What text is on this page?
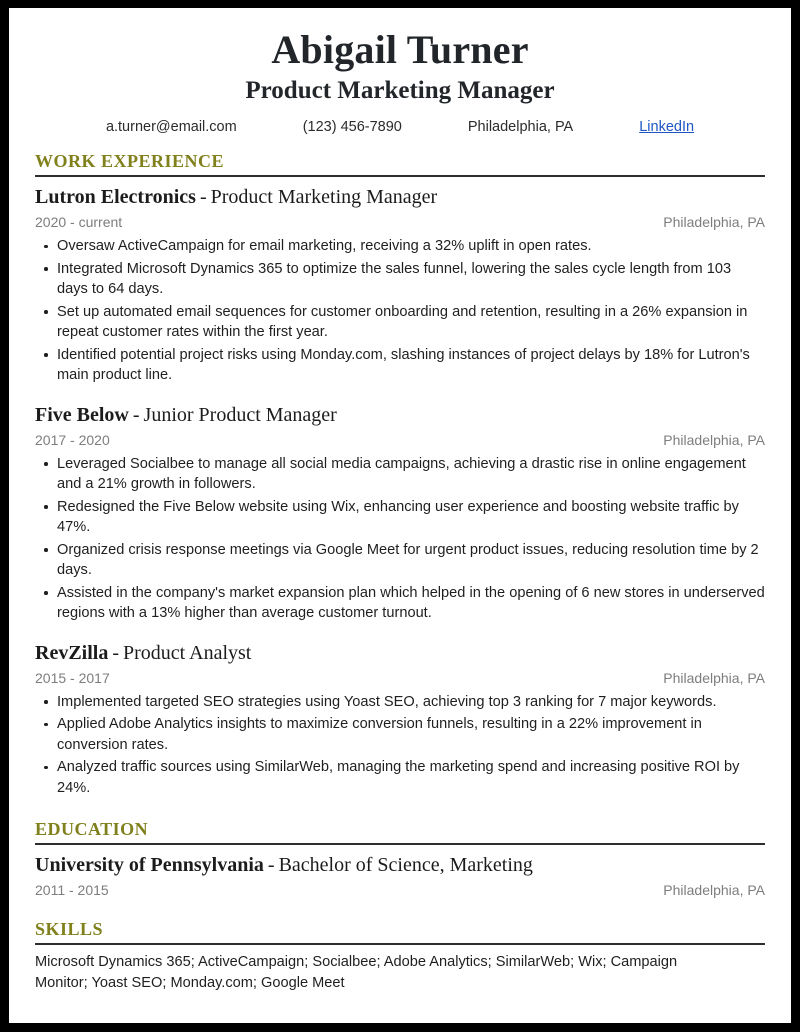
Abigail Turner
Product Marketing Manager
a.turner@email.com	(123) 456-7890	Philadelphia, PA	LinkedIn
WORK EXPERIENCE
Lutron Electronics - Product Marketing Manager
2020 - current	Philadelphia, PA
Oversaw ActiveCampaign for email marketing, receiving a 32% uplift in open rates.
Integrated Microsoft Dynamics 365 to optimize the sales funnel, lowering the sales cycle length from 103 days to 64 days.
Set up automated email sequences for customer onboarding and retention, resulting in a 26% expansion in repeat customer rates within the first year.
Identified potential project risks using Monday.com, slashing instances of project delays by 18% for Lutron's main product line.
Five Below - Junior Product Manager
2017 - 2020	Philadelphia, PA
Leveraged Socialbee to manage all social media campaigns, achieving a drastic rise in online engagement and a 21% growth in followers.
Redesigned the Five Below website using Wix, enhancing user experience and boosting website traffic by 47%.
Organized crisis response meetings via Google Meet for urgent product issues, reducing resolution time by 2 days.
Assisted in the company's market expansion plan which helped in the opening of 6 new stores in underserved regions with a 13% higher than average customer turnout.
RevZilla - Product Analyst
2015 - 2017	Philadelphia, PA
Implemented targeted SEO strategies using Yoast SEO, achieving top 3 ranking for 7 major keywords.
Applied Adobe Analytics insights to maximize conversion funnels, resulting in a 22% improvement in conversion rates.
Analyzed traffic sources using SimilarWeb, managing the marketing spend and increasing positive ROI by 24%.
EDUCATION
University of Pennsylvania - Bachelor of Science, Marketing
2011 - 2015	Philadelphia, PA
SKILLS

Microsoft Dynamics 365; ActiveCampaign; Socialbee; Adobe Analytics; SimilarWeb; Wix; Campaign Monitor; Yoast SEO; Monday.com; Google Meet
